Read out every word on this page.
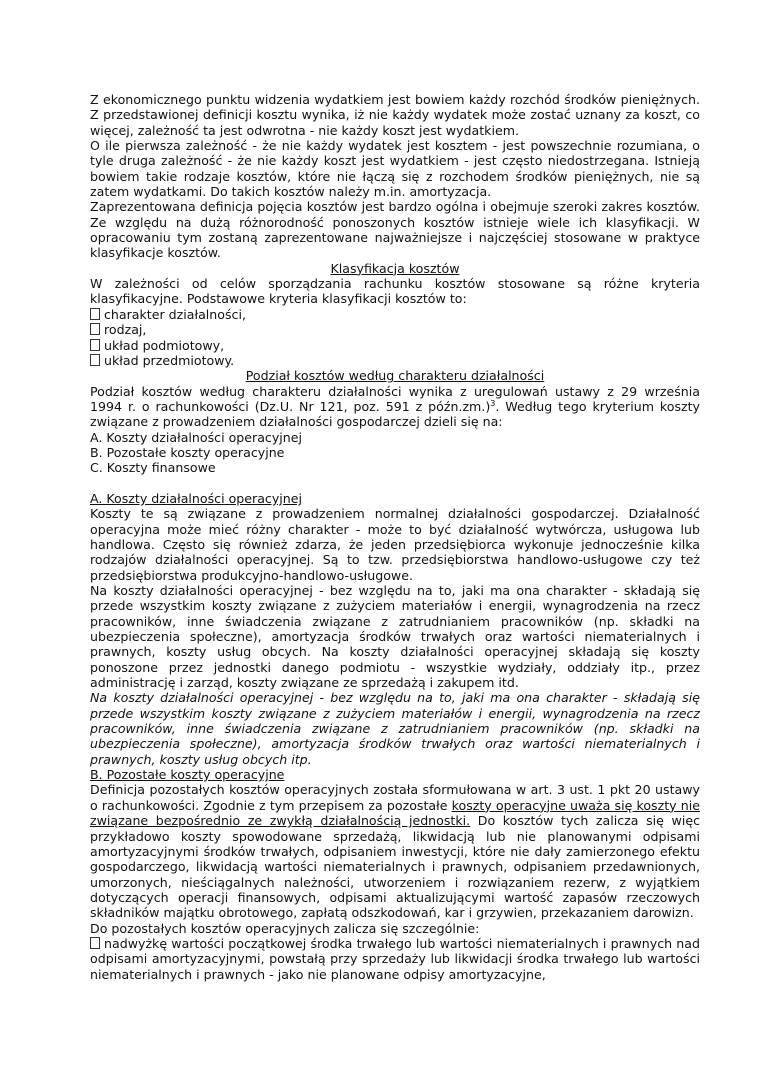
Z ekonomicznego punktu widzenia wydatkiem jest bowiem każdy rozchód środków pieniężnych. Z przedstawionej definicji kosztu wynika, iż nie każdy wydatek może zostać uznany za koszt, co więcej, zależność ta jest odwrotna - nie każdy koszt jest wydatkiem.

O ile pierwsza zależność - że nie każdy wydatek jest kosztem - jest powszechnie rozumiana, o tyle druga zależność - że nie każdy koszt jest wydatkiem - jest często niedostrzegana. Istnieją bowiem takie rodzaje kosztów, które nie łączą się z rozchodem środków pieniężnych, nie są zatem wydatkami. Do takich kosztów należy m.in. amortyzacja.

Zaprezentowana definicja pojęcia kosztów jest bardzo ogólna i obejmuje szeroki zakres kosztów. Ze względu na dużą różnorodność ponoszonych kosztów istnieje wiele ich klasyfikacji. W opracowaniu tym zostaną zaprezentowane najważniejsze i najczęściej stosowane w praktyce klasyfikacje kosztów.

Klasyfikacja kosztów

W zależności od celów sporządzania rachunku kosztów stosowane są różne kryteria klasyfikacyjne. Podstawowe kryteria klasyfikacji kosztów to:

charakter działalności,

rodzaj,

układ podmiotowy,

układ przedmiotowy.

Podział kosztów według charakteru działalności

Podział kosztów według charakteru działalności wynika z uregulowań ustawy z 29 września 1994 r. o rachunkowości (Dz.U. Nr 121, poz. 591 z późn.zm.)$^3$. Według tego kryterium koszty związane z prowadzeniem działalności gospodarczej dzieli się na:

A. Koszty działalności operacyjnej

B. Pozostałe koszty operacyjne

C. Koszty finansowe

A. Koszty działalności operacyjnej

Koszty te są związane z prowadzeniem normalnej działalności gospodarczej. Działalność operacyjna może mieć różny charakter - może to być działalność wytwórcza, usługowa lub handlowa. Często się również zdarza, że jeden przedsiębiorca wykonuje jednocześnie kilka rodzajów działalności operacyjnej. Są to tzw. przedsiębiorstwa handlowo-usługowe czy też przedsiębiorstwa produkcyjno-handlowo-usługowe.

Na koszty działalności operacyjnej - bez względu na to, jaki ma ona charakter - składają się przede wszystkim koszty związane z zużyciem materiałów i energii, wynagrodzenia na rzecz pracowników, inne świadczenia związane z zatrudnianiem pracowników (np. składki na ubezpieczenia społeczne), amortyzacja środków trwałych oraz wartości niematerialnych i prawnych, koszty usług obcych. Na koszty działalności operacyjnej składają się koszty ponoszone przez jednostki danego podmiotu - wszystkie wydziały, oddziały itp., przez administrację i zarząd, koszty związane ze sprzedażą i zakupem itd.

Na koszty działalności operacyjnej - bez względu na to, jaki ma ona charakter - składają się przede wszystkim koszty związane z zużyciem materiałów i energii, wynagrodzenia na rzecz pracowników, inne świadczenia związane z zatrudnianiem pracowników (np. składki na ubezpieczenia społeczne), amortyzacja środków trwałych oraz wartości niematerialnych i prawnych, koszty usług obcych itp.

B. Pozostałe koszty operacyjne

Definicja pozostałych kosztów operacyjnych została sformułowana w art. 3 ust. 1 pkt 20 ustawy o rachunkowości. Zgodnie z tym przepisem za pozostałe koszty operacyjne uważa się koszty nie związane bezpośrednio ze zwykłą działalnością jednostki. Do kosztów tych zalicza się więc przykładowo koszty spowodowane sprzedażą, likwidacją lub nie planowanymi odpisami amortyzacyjnymi środków trwałych, odpisaniem inwestycji, które nie dały zamierzonego efektu gospodarczego, likwidacją wartości niematerialnych i prawnych, odpisaniem przedawnionych, umorzonych, nieściągalnych należności, utworzeniem i rozwiązaniem rezerw, z wyjątkiem dotyczących operacji finansowych, odpisami aktualizującymi wartość zapasów rzeczowych składników majątku obrotowego, zapłatą odszkodowań, kar i grzywien, przekazaniem darowizn.

Do pozostałych kosztów operacyjnych zalicza się szczególnie:

nadwyżkę wartości początkowej środka trwałego lub wartości niematerialnych i prawnych nad odpisami amortyzacyjnymi, powstałą przy sprzedaży lub likwidacji środka trwałego lub wartości niematerialnych i prawnych - jako nie planowane odpisy amortyzacyjne,
